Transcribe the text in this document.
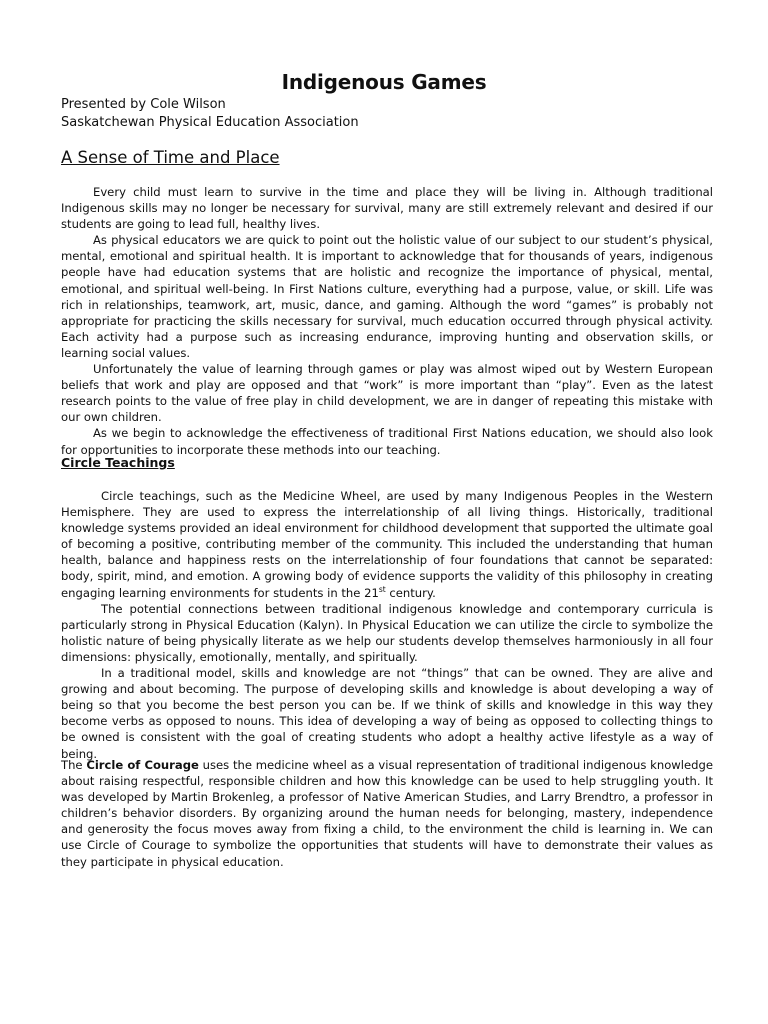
Indigenous Games
Presented by Cole Wilson
Saskatchewan Physical Education Association
A Sense of Time and Place

Every child must learn to survive in the time and place they will be living in. Although traditional Indigenous skills may no longer be necessary for survival, many are still extremely relevant and desired if our students are going to lead full, healthy lives.

As physical educators we are quick to point out the holistic value of our subject to our student’s physical, mental, emotional and spiritual health. It is important to acknowledge that for thousands of years, indigenous people have had education systems that are holistic and recognize the importance of physical, mental, emotional, and spiritual well-being. In First Nations culture, everything had a purpose, value, or skill. Life was rich in relationships, teamwork, art, music, dance, and gaming. Although the word “games” is probably not appropriate for practicing the skills necessary for survival, much education occurred through physical activity. Each activity had a purpose such as increasing endurance, improving hunting and observation skills, or learning social values.

Unfortunately the value of learning through games or play was almost wiped out by Western European beliefs that work and play are opposed and that “work” is more important than “play”. Even as the latest research points to the value of free play in child development, we are in danger of repeating this mistake with our own children.

As we begin to acknowledge the effectiveness of traditional First Nations education, we should also look for opportunities to incorporate these methods into our teaching.

Circle Teachings

Circle teachings, such as the Medicine Wheel, are used by many Indigenous Peoples in the Western Hemisphere. They are used to express the interrelationship of all living things. Historically, traditional knowledge systems provided an ideal environment for childhood development that supported the ultimate goal of becoming a positive, contributing member of the community. This included the understanding that human health, balance and happiness rests on the interrelationship of four foundations that cannot be separated: body, spirit, mind, and emotion. A growing body of evidence supports the validity of this philosophy in creating engaging learning environments for students in the 21st century.

The potential connections between traditional indigenous knowledge and contemporary curricula is particularly strong in Physical Education (Kalyn). In Physical Education we can utilize the circle to symbolize the holistic nature of being physically literate as we help our students develop themselves harmoniously in all four dimensions: physically, emotionally, mentally, and spiritually.

In a traditional model, skills and knowledge are not “things” that can be owned. They are alive and growing and about becoming. The purpose of developing skills and knowledge is about developing a way of being so that you become the best person you can be. If we think of skills and knowledge in this way they become verbs as opposed to nouns. This idea of developing a way of being as opposed to collecting things to be owned is consistent with the goal of creating students who adopt a healthy active lifestyle as a way of being.

The Circle of Courage uses the medicine wheel as a visual representation of traditional indigenous knowledge about raising respectful, responsible children and how this knowledge can be used to help struggling youth. It was developed by Martin Brokenleg, a professor of Native American Studies, and Larry Brendtro, a professor in children’s behavior disorders. By organizing around the human needs for belonging, mastery, independence and generosity the focus moves away from fixing a child, to the environment the child is learning in. We can use Circle of Courage to symbolize the opportunities that students will have to demonstrate their values as they participate in physical education.
